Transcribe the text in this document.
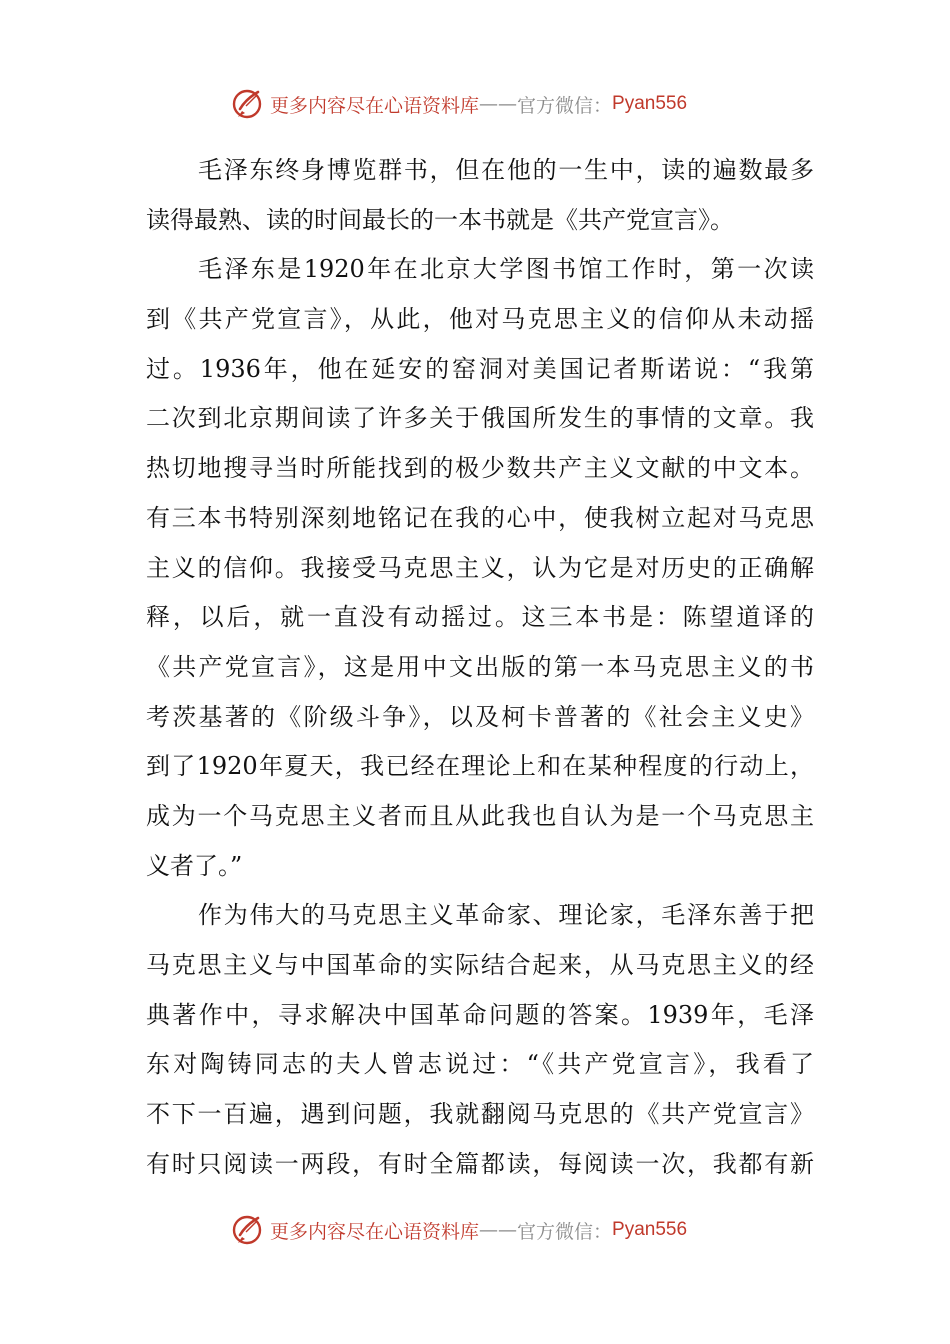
更多内容尽在心语资料库 —— 官方微信： Pyan556
毛泽东终身博览群书，但在他的一生中，读的遍数最多
读得最熟、读的时间最长的一本书就是《共产党宣言》。
毛泽东是1920年在北京大学图书馆工作时，第一次读
到《共产党宣言》，从此，他对马克思主义的信仰从未动摇
过。1936年，他在延安的窑洞对美国记者斯诺说：“我第
二次到北京期间读了许多关于俄国所发生的事情的文章。我
热切地搜寻当时所能找到的极少数共产主义文献的中文本。
有三本书特别深刻地铭记在我的心中，使我树立起对马克思
主义的信仰。我接受马克思主义，认为它是对历史的正确解
释，以后，就一直没有动摇过。这三本书是：陈望道译的
《共产党宣言》，这是用中文出版的第一本马克思主义的书
考茨基著的《阶级斗争》，以及柯卡普著的《社会主义史》
到了1920年夏天，我已经在理论上和在某种程度的行动上，
成为一个马克思主义者而且从此我也自认为是一个马克思主
义者了。”
作为伟大的马克思主义革命家、理论家，毛泽东善于把
马克思主义与中国革命的实际结合起来，从马克思主义的经
典著作中，寻求解决中国革命问题的答案。1939年，毛泽
东对陶铸同志的夫人曾志说过：“《共产党宣言》，我看了
不下一百遍，遇到问题，我就翻阅马克思的《共产党宣言》
有时只阅读一两段，有时全篇都读，每阅读一次，我都有新
更多内容尽在心语资料库 —— 官方微信： Pyan556
